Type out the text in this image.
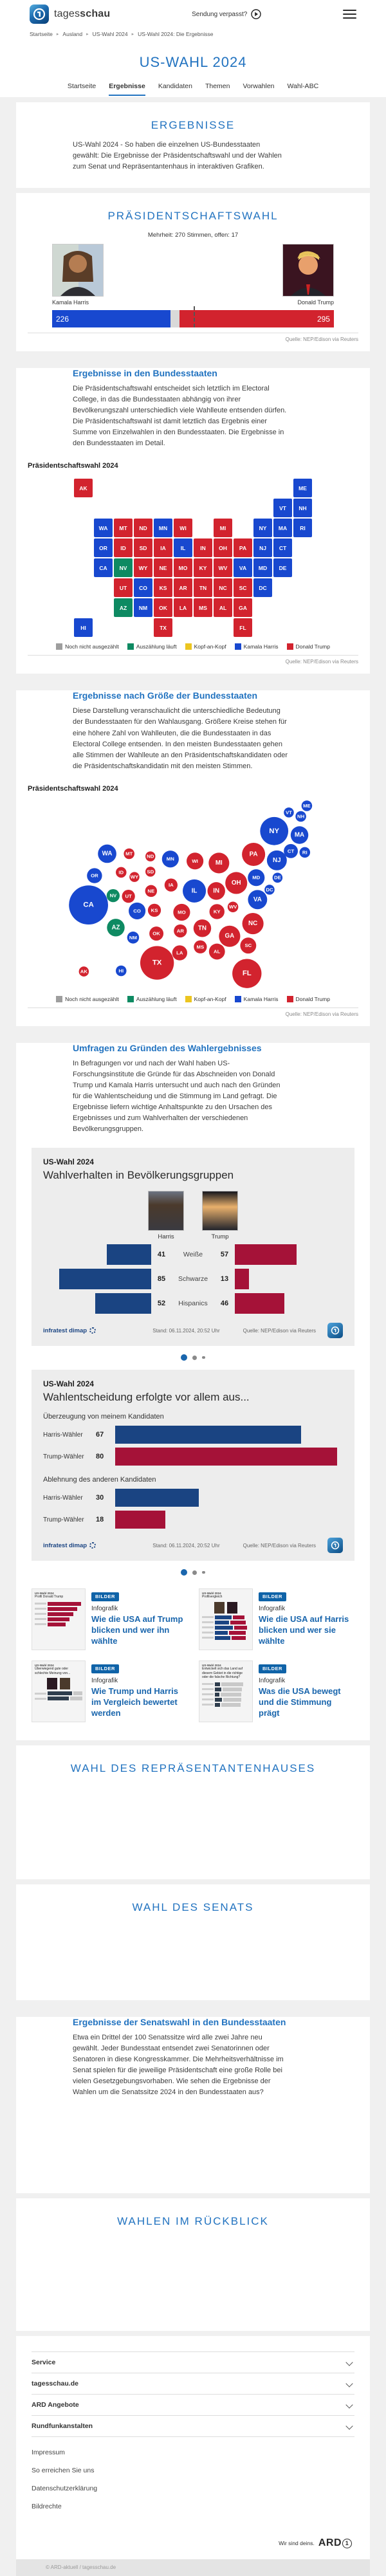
tagesschau	Sendung verpasst?
Startseite ▸ Ausland ▸ US-Wahl 2024 ▸ US-Wahl 2024: Die Ergebnisse
US-WAHL 2024
Startseite Ergebnisse Kandidaten Themen Vorwahlen Wahl-ABC
ERGEBNISSE

US-Wahl 2024 - So haben die einzelnen US-Bundesstaaten gewählt: Die Ergebnisse der Präsidentschaftswahl und der Wahlen zum Senat und Repräsentantenhaus in interaktiven Grafiken.

PRÄSIDENTSCHAFTSWAHL
Mehrheit: 270 Stimmen, offen: 17
Kamala Harris	Donald Trump
226	295
Quelle: NEP/Edison via Reuters
Ergebnisse in den Bundesstaaten

Die Präsidentschaftswahl entscheidet sich letztlich im Electoral College, in das die Bundesstaaten abhängig von ihrer Bevölkerungszahl unterschiedlich viele Wahlleute entsenden dürfen. Die Präsidentschaftswahl ist damit letztlich das Ergebnis einer Summe von Einzelwahlen in den Bundesstaaten. Die Ergebnisse in den Bundesstaaten im Detail.

Präsidentschaftswahl 2024
AK	ME
VT	NH
WA	MT	ND	MN	WI	MI	NY	MA	RI
OR	ID	SD	IA	IL	IN	OH	PA	NJ	CT
CA	NV	WY	NE	MO	KY	WV	VA	MD	DE
UT	CO	KS	AR	TN	NC	SC	DC
AZ	NM	OK	LA	MS	AL	GA
HI	TX	FL
Noch nicht ausgezählt	Auszählung läuft	Kopf-an-Kopf	Kamala Harris	Donald Trump
Quelle: NEP/Edison via Reuters
Ergebnisse nach Größe der Bundesstaaten

Diese Darstellung veranschaulicht die unterschiedliche Bedeutung der Bundesstaaten für den Wahlausgang. Größere Kreise stehen für eine höhere Zahl von Wahlleuten, die die Bundesstaaten in das Electoral College entsenden. In den meisten Bundesstaaten gehen alle Stimmen der Wahlleute an den Präsidentschaftskandidaten oder die Präsidentschaftskandidatin mit den meisten Stimmen.

Präsidentschaftswahl 2024
CA
TX
FL
NY
IL
PA
OH
NC
GA
MI	NJ
VA
WA
MA
IN
TN
AZ
MN	WI
MO
MD
CO
SC
AL
OR
KY
LA
CT
OK
IA
NV UT
KS
AR
MS
NE
NM
ME
NH
MT	RI
ID
WV
HI
AK
VT
ND
SD
WY	DE
DC
Noch nicht ausgezählt	Auszählung läuft	Kopf-an-Kopf	Kamala Harris	Donald Trump
Quelle: NEP/Edison via Reuters
Umfragen zu Gründen des Wahlergebnisses

In Befragungen vor und nach der Wahl haben US-Forschungsinstitute die Gründe für das Abschneiden von Donald Trump und Kamala Harris untersucht und auch nach den Gründen für die Wahlentscheidung und die Stimmung im Land gefragt. Die Ergebnisse liefern wichtige Anhaltspunkte zu den Ursachen des Ergebnisses und zum Wahlverhalten der verschiedenen Bevölkerungsgruppen.

US-Wahl 2024
Wahlverhalten in Bevölkerungsgruppen
Harris	Trump
41	Weiße	57
85	Schwarze	13
52	Hispanics	46
infratest dimap	Stand: 06.11.2024, 20:52 Uhr	Quelle: NEP/Edison via Reuters
US-Wahl 2024
Wahlentscheidung erfolgte vor allem aus...
Überzeugung von meinem Kandidaten
Harris-Wähler	67
Trump-Wähler	80
Ablehnung des anderen Kandidaten
Harris-Wähler	30
Trump-Wähler	18
infratest dimap	Stand: 06.11.2024, 20:52 Uhr	Quelle: NEP/Edison via Reuters
US-Wahl 2024
Profil Donald Trump	BILDER
Infografik
Wie die USA auf Trump blicken und wer ihn wählte
US-Wahl 2024
Profilvergleich	BILDER
Infografik
Wie die USA auf Harris blicken und wer sie wählte
US-Wahl 2024
Überwiegend gute oder schlechte Meinung von...
BILDER
Infografik
Wie Trump und Harris im Vergleich bewertet werden
US-Wahl 2024
Entwickelt sich das Land auf diesem Gebiet in die richtige oder die falsche Richtung?
BILDER
Infografik
Was die USA bewegt und die Stimmung prägt
WAHL DES REPRÄSENTANTENHAUSES
WAHL DES SENATS
Ergebnisse der Senatswahl in den Bundesstaaten

Etwa ein Drittel der 100 Senatssitze wird alle zwei Jahre neu gewählt. Jeder Bundesstaat entsendet zwei Senatorinnen oder Senatoren in diese Kongresskammer. Die Mehrheitsverhältnisse im Senat spielen für die jeweilige Präsidentschaft eine große Rolle bei vielen Gesetzgebungsvorhaben. Wie sehen die Ergebnisse der Wahlen um die Senatssitze 2024 in den Bundesstaaten aus?

WAHLEN IM RÜCKBLICK
Service
tagesschau.de
ARD Angebote
Rundfunkanstalten
Impressum
So erreichen Sie uns
Datenschutzerklärung
Bildrechte
Wir sind deins. ARD 1
© ARD-aktuell / tagesschau.de
